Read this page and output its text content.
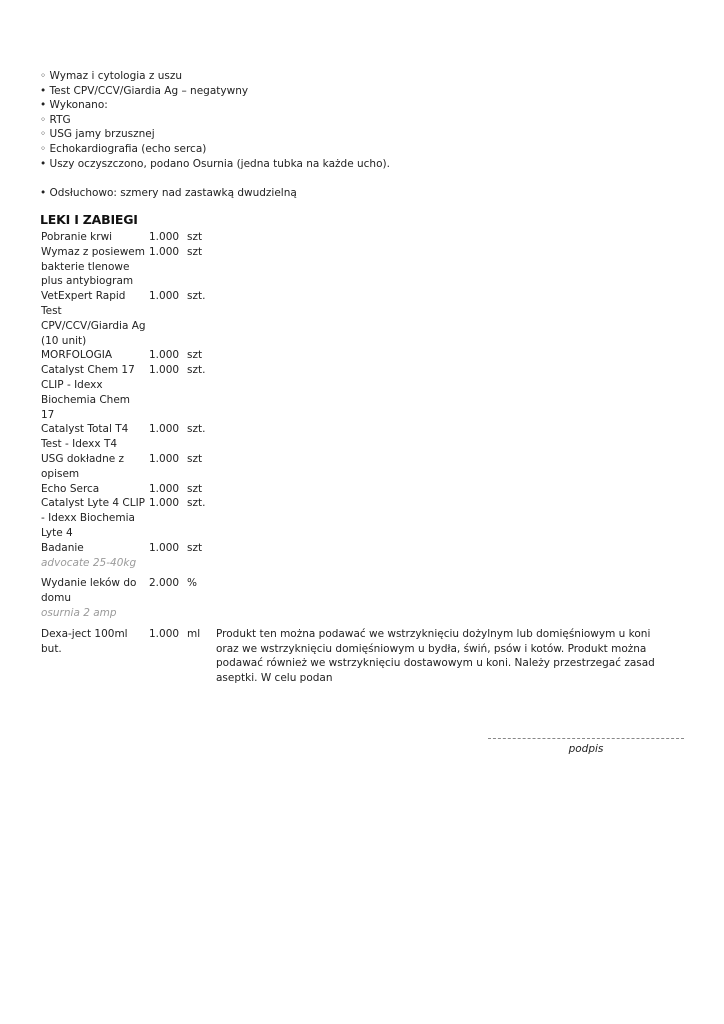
◦ Wymaz i cytologia z uszu
• Test CPV/CCV/Giardia Ag – negatywny
• Wykonano:
◦ RTG
◦ USG jamy brzusznej
◦ Echokardiografia (echo serca)
• Uszy oczyszczono, podano Osurnia (jedna tubka na każde ucho).
• Odsłuchowo: szmery nad zastawką dwudzielną
LEKI I ZABIEGI
Pobranie krwi	1.000	szt	
Wymaz z posiewem bakterie tlenowe plus antybiogram	1.000	szt	
VetExpert Rapid Test CPV/CCV/Giardia Ag (10 unit)	1.000	szt.	
MORFOLOGIA	1.000	szt	
Catalyst Chem 17 CLIP - Idexx Biochemia Chem 17	1.000	szt.	
Catalyst Total T4 Test - Idexx T4	1.000	szt.	
USG dokładne z opisem	1.000	szt	
Echo Serca	1.000	szt	
Catalyst Lyte 4 CLIP - Idexx Biochemia Lyte 4	1.000	szt.	
Badanie
advocate 25-40kg	1.000	szt	
Wydanie leków do domu
osurnia 2 amp	2.000	%	
Dexa-ject 100ml but.	1.000	ml	Produkt ten można podawać we wstrzyknięciu dożylnym lub domięśniowym u koni oraz we wstrzyknięciu domięśniowym u bydła, świń, psów i kotów. Produkt można podawać również we wstrzyknięciu dostawowym u koni. Należy przestrzegać zasad aseptki. W celu podan
podpis
